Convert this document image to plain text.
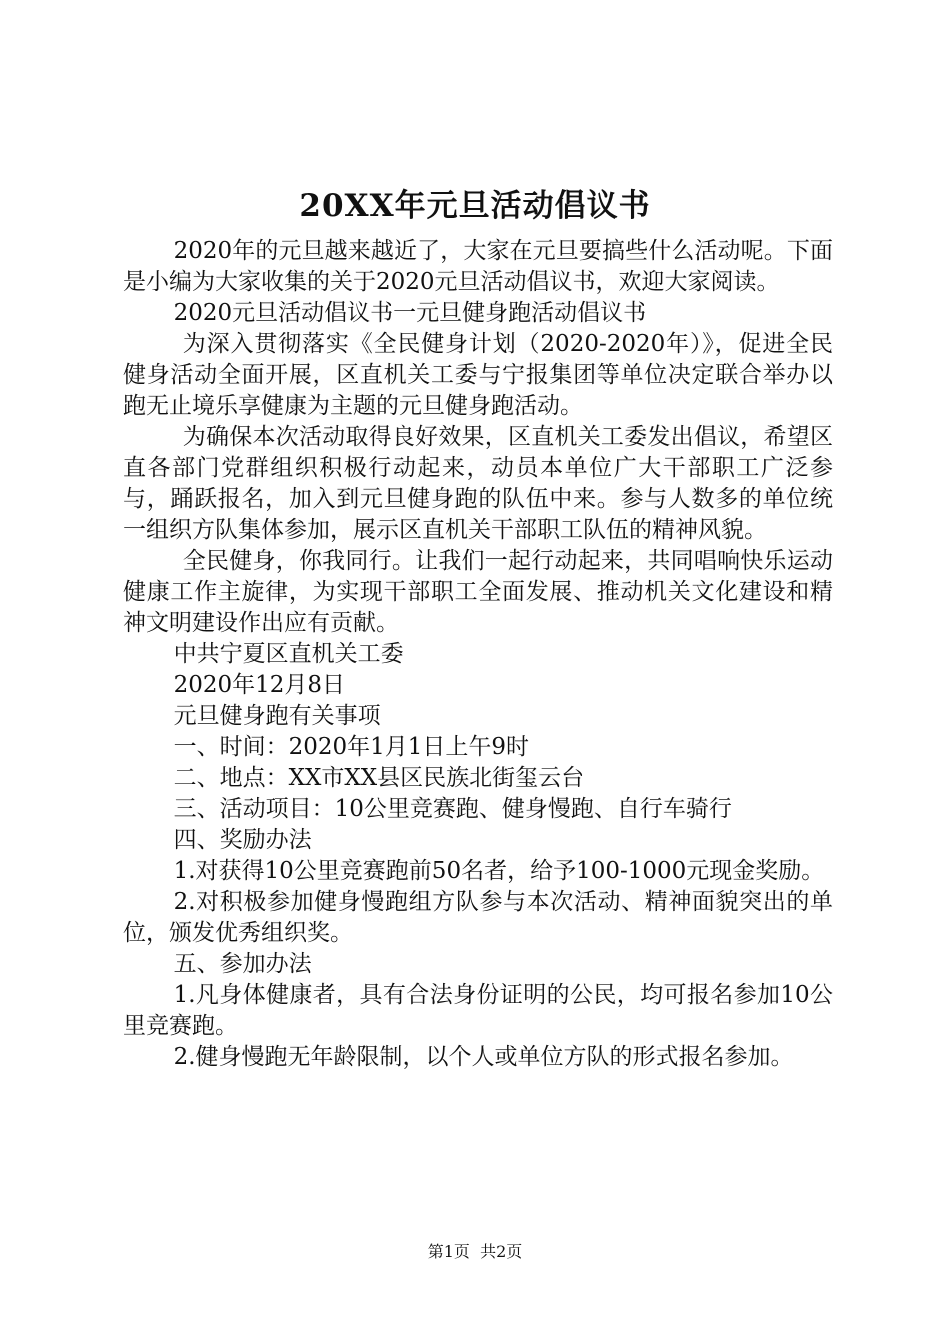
20XX年元旦活动倡议书

2020年的元旦越来越近了，大家在元旦要搞些什么活动呢。下面是小编为大家收集的关于2020元旦活动倡议书，欢迎大家阅读。

2020元旦活动倡议书一元旦健身跑活动倡议书

为深入贯彻落实《全民健身计划（2020-2020年）》，促进全民健身活动全面开展，区直机关工委与宁报集团等单位决定联合举办以跑无止境乐享健康为主题的元旦健身跑活动。

为确保本次活动取得良好效果，区直机关工委发出倡议，希望区直各部门党群组织积极行动起来，动员本单位广大干部职工广泛参与，踊跃报名，加入到元旦健身跑的队伍中来。参与人数多的单位统一组织方队集体参加，展示区直机关干部职工队伍的精神风貌。

全民健身，你我同行。让我们一起行动起来，共同唱响快乐运动健康工作主旋律，为实现干部职工全面发展、推动机关文化建设和精神文明建设作出应有贡献。

中共宁夏区直机关工委

2020年12月8日

元旦健身跑有关事项

一、时间：2020年1月1日上午9时

二、地点：XX市XX县区民族北街玺云台

三、活动项目：10公里竞赛跑、健身慢跑、自行车骑行

四、奖励办法

1.对获得10公里竞赛跑前50名者，给予100-1000元现金奖励。

2.对积极参加健身慢跑组方队参与本次活动、精神面貌突出的单位，颁发优秀组织奖。

五、参加办法

1.凡身体健康者，具有合法身份证明的公民，均可报名参加10公里竞赛跑。

2.健身慢跑无年龄限制，以个人或单位方队的形式报名参加。

第1页 共2页
